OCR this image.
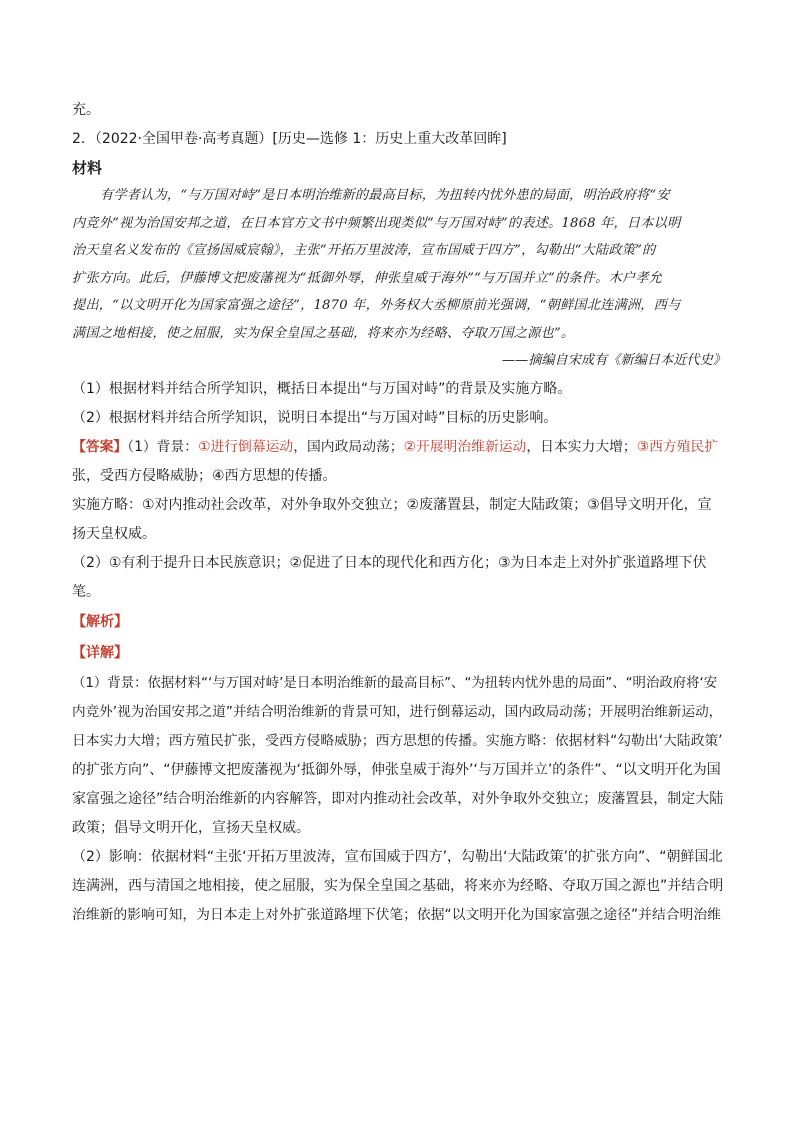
充。
2．（2022·全国甲卷·高考真题）[历史—选修 1：历史上重大改革回眸]
材料
有学者认为，“与万国对峙”是日本明治维新的最高目标，为扭转内忧外患的局面，明治政府将“安
内竞外”视为治国安邦之道，在日本官方文书中频繁出现类似“与万国对峙”的表述。1868 年，日本以明
治天皇名义发布的《宣扬国威宸翰》，主张“开拓万里波涛，宣布国威于四方”，勾勒出“大陆政策”的
扩张方向。此后，伊藤博文把废藩视为“抵御外辱，伸张皇威于海外”“与万国并立”的条件。木户孝允
提出，“以文明开化为国家富强之途径”，1870 年，外务权大丞柳原前光强调，“朝鲜国北连满洲，西与
满国之地相接，使之屈服，实为保全皇国之基础，将来亦为经略、夺取万国之源也”。
——摘编自宋成有《新编日本近代史》
（1）根据材料并结合所学知识，概括日本提出“与万国对峙”的背景及实施方略。
（2）根据材料并结合所学知识，说明日本提出“与万国对峙”目标的历史影响。
【答案】（1）背景：①进行倒幕运动，国内政局动荡；②开展明治维新运动，日本实力大增；③西方殖民扩
张，受西方侵略威胁；④西方思想的传播。
实施方略：①对内推动社会改革，对外争取外交独立；②废藩置县，制定大陆政策；③倡导文明开化，宣
扬天皇权威。
（2）①有利于提升日本民族意识；②促进了日本的现代化和西方化；③为日本走上对外扩张道路埋下伏
笔。
【解析】
【详解】
（1）背景：依据材料“‘与万国对峙’是日本明治维新的最高目标”、“为扭转内忧外患的局面”、“明治政府将‘安
内竞外’视为治国安邦之道”并结合明治维新的背景可知，进行倒幕运动，国内政局动荡；开展明治维新运动，
日本实力大增；西方殖民扩张，受西方侵略威胁；西方思想的传播。实施方略：依据材料“勾勒出‘大陆政策’
的扩张方向”、“伊藤博文把废藩视为‘抵御外辱，伸张皇威于海外’‘与万国并立’的条件”、“以文明开化为国
家富强之途径”结合明治维新的内容解答，即对内推动社会改革，对外争取外交独立；废藩置县，制定大陆
政策；倡导文明开化，宣扬天皇权威。
（2）影响：依据材料“主张‘开拓万里波涛，宣布国威于四方’，勾勒出‘大陆政策’的扩张方向”、“朝鲜国北
连满洲，西与清国之地相接，使之屈服，实为保全皇国之基础，将来亦为经略、夺取万国之源也”并结合明
治维新的影响可知，为日本走上对外扩张道路埋下伏笔；依据“以文明开化为国家富强之途径”并结合明治维
